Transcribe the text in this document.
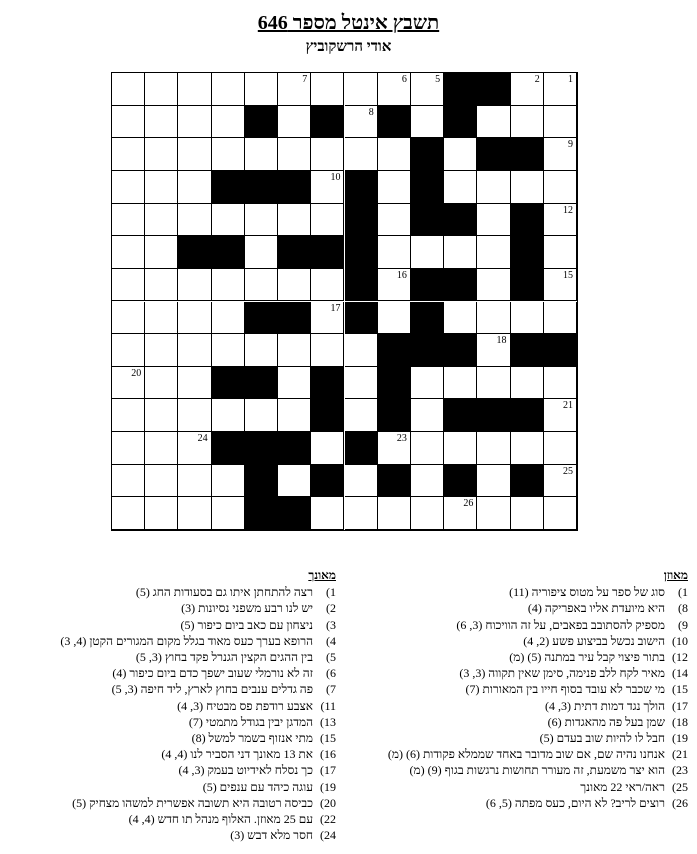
תשבץ אינטל מספר 646
אודי הרשקוביץ
1
2
5
6
7
8
9
10
12
15
16
17
18
20
21
23
24
25
26
מאוזן
1) סוג של ספר על מטוס ציפוריה (11)
8) היא מיועדת אליו באפריקה (4)
9) מספיק להסתובב בפאבים, על זה הוויכוח (3, 6)
10) הישוב נכשל בביצוע פשע (2, 4)
12) בתור פיצוי קבל עיר במתנה (5) (מ)
14) מאיר לקח ללב פנימה, סימן שאין תקווה (3, 3)
15) מי שכבר לא עובד בסוף חייו בין המאורות (7)
17) הולך נגד דמות דתית (3, 4)
18) שמן בעל פה מהאגדות (6)
19) חבל לו להיות שוב בעדם (5)
21) אנחנו נהיה שם, אם שוב מדובר באחד שממלא פקודות (6) (מ)
23) הוא יצר משמעת, זה מעורר תחושות נרגשות בגוף (9) (מ)
25) ראה/ראי 22 מאונך
26) רוצים לריב? לא היום, כעס מפתה (5, 6)
מאונך
1) רצה להתחתן איתו גם בסעודות החג (5)
2) יש לנו רבע משפני נסיונות (3)
3) ניצחון עם כאב ביום כיפור (5)
4) הרופא בערך כעס מאוד בגלל מקום המגורים הקטן (4, 3)
5) בין ההגים הקצין הגנרל פקד בחוץ (3, 5)
6) זה לא נורמלי שעוב ישפך כדם ביום כיפור (4)
7) פה גדלים ענבים בחוץ לארץ, ליד חיפה (3, 5)
11) אצבע רודפת פס מבטיח (3, 4)
13) המדגן יבין בגודל מתמטי (7)
15) מתי אנזוף בשמר למשל (8)
16) את 13 מאונך דני הסביר לנו (4, 4)
17) כך נסלח לאידיוט בעמק (3, 4)
19) עוגה כיהד עם ענפים (5)
20) כביסה רטובה היא תשובה אפשרית למשהו מצחיק (5)
22) עם 25 מאוזן. האלוף מנהל תו חדש (4, 4)
24) חסר מלא דבש (3)
